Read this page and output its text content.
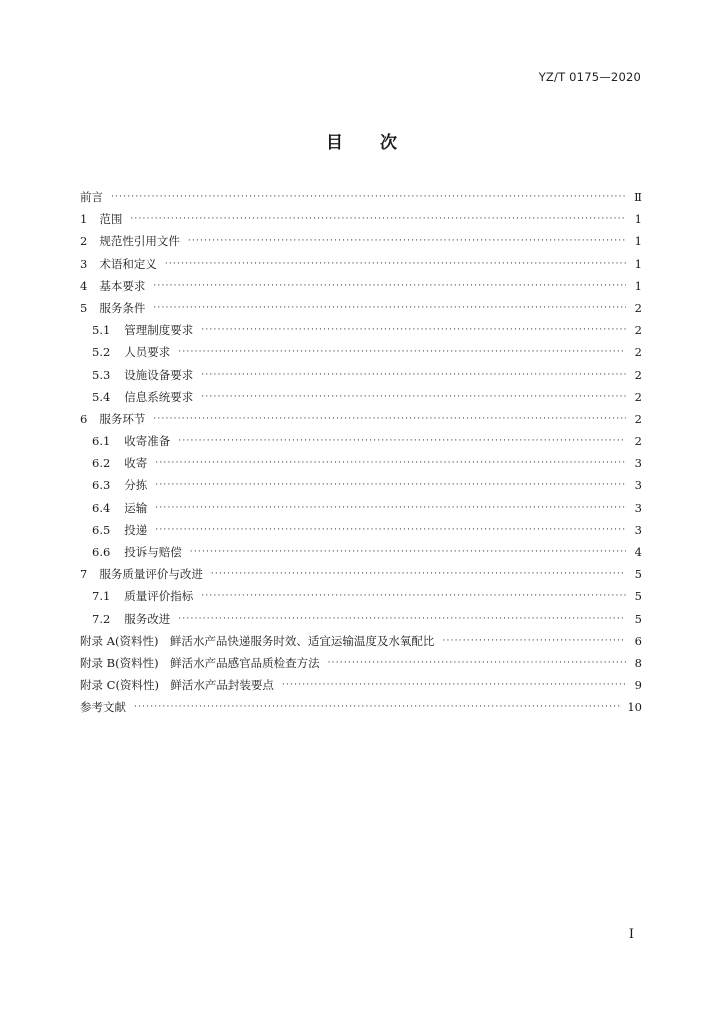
YZ/T 0175—2020
目　　次
前言 ·····	Ⅱ
1 范围 ·····	1
2 规范性引用文件 ·····	1
3 术语和定义 ·····	1
4 基本要求 ·····	1
5 服务条件 ·····	2
5.1 管理制度要求 ·····	2
5.2 人员要求 ·····	2
5.3 设施设备要求 ·····	2
5.4 信息系统要求 ·····	2
6 服务环节 ·····	2
6.1 收寄准备 ·····	2
6.2 收寄 ·····	3
6.3 分拣 ·····	3
6.4 运输 ·····	3
6.5 投递 ·····	3
6.6 投诉与赔偿 ·····	4
7 服务质量评价与改进 ·····	5
7.1 质量评价指标 ·····	5
7.2 服务改进 ·····	5
附录 A(资料性)　鲜活水产品快递服务时效、适宜运输温度及水氧配比 ·····	6
附录 B(资料性)　鲜活水产品感官品质检查方法 ·····	8
附录 C(资料性)　鲜活水产品封装要点 ·····	9
参考文献 ·····	10
Ⅰ
